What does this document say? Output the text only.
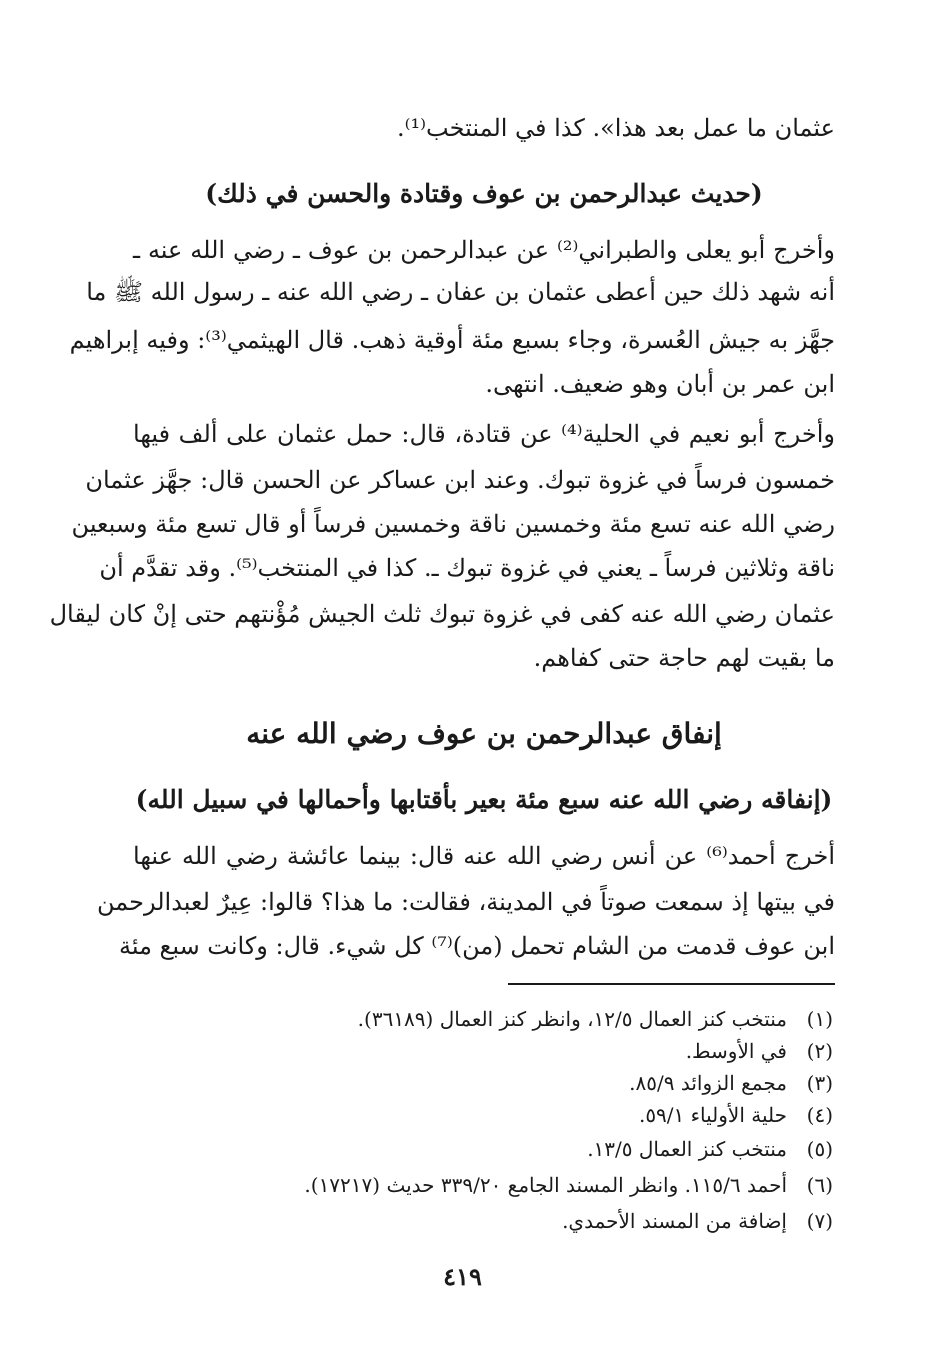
عثمان ما عمل بعد هذا». كذا في المنتخب⁽¹⁾.
(حديث عبدالرحمن بن عوف وقتادة والحسن في ذلك)
وأخرج أبو يعلى والطبراني⁽²⁾ عن عبدالرحمن بن عوف ـ رضي الله عنه ـ
أنه شهد ذلك حين أعطى عثمان بن عفان ـ رضي الله عنه ـ رسول الله ﷺ ما
جهَّز به جيش العُسرة، وجاء بسبع مئة أوقية ذهب. قال الهيثمي⁽³⁾: وفيه إبراهيم
ابن عمر بن أبان وهو ضعيف. انتهى.
وأخرج أبو نعيم في الحلية⁽⁴⁾ عن قتادة، قال: حمل عثمان على ألف فيها
خمسون فرساً في غزوة تبوك. وعند ابن عساكر عن الحسن قال: جهَّز عثمان
رضي الله عنه تسع مئة وخمسين ناقة وخمسين فرساً أو قال تسع مئة وسبعين
ناقة وثلاثين فرساً ـ يعني في غزوة تبوك ـ. كذا في المنتخب⁽⁵⁾. وقد تقدَّم أن
عثمان رضي الله عنه كفى في غزوة تبوك ثلث الجيش مُؤْنتهم حتى إنْ كان ليقال
ما بقيت لهم حاجة حتى كفاهم.
إنفاق عبدالرحمن بن عوف رضي الله عنه
(إنفاقه رضي الله عنه سبع مئة بعير بأقتابها وأحمالها في سبيل الله)
أخرج أحمد⁽⁶⁾ عن أنس رضي الله عنه قال: بينما عائشة رضي الله عنها
في بيتها إذ سمعت صوتاً في المدينة، فقالت: ما هذا؟ قالوا: عِيرٌ لعبدالرحمن
ابن عوف قدمت من الشام تحمل (من)⁽⁷⁾ كل شيء. قال: وكانت سبع مئة
(١)منتخب كنز العمال ١٢/٥، وانظر كنز العمال (٣٦١٨٩).
(٢)في الأوسط.
(٣)مجمع الزوائد ٨٥/٩.
(٤)حلية الأولياء ٥٩/١.
(٥)منتخب كنز العمال ١٣/٥.
(٦)أحمد ١١٥/٦. وانظر المسند الجامع ٣٣٩/٢٠ حديث (١٧٢١٧).
(٧)إضافة من المسند الأحمدي.
٤١٩
